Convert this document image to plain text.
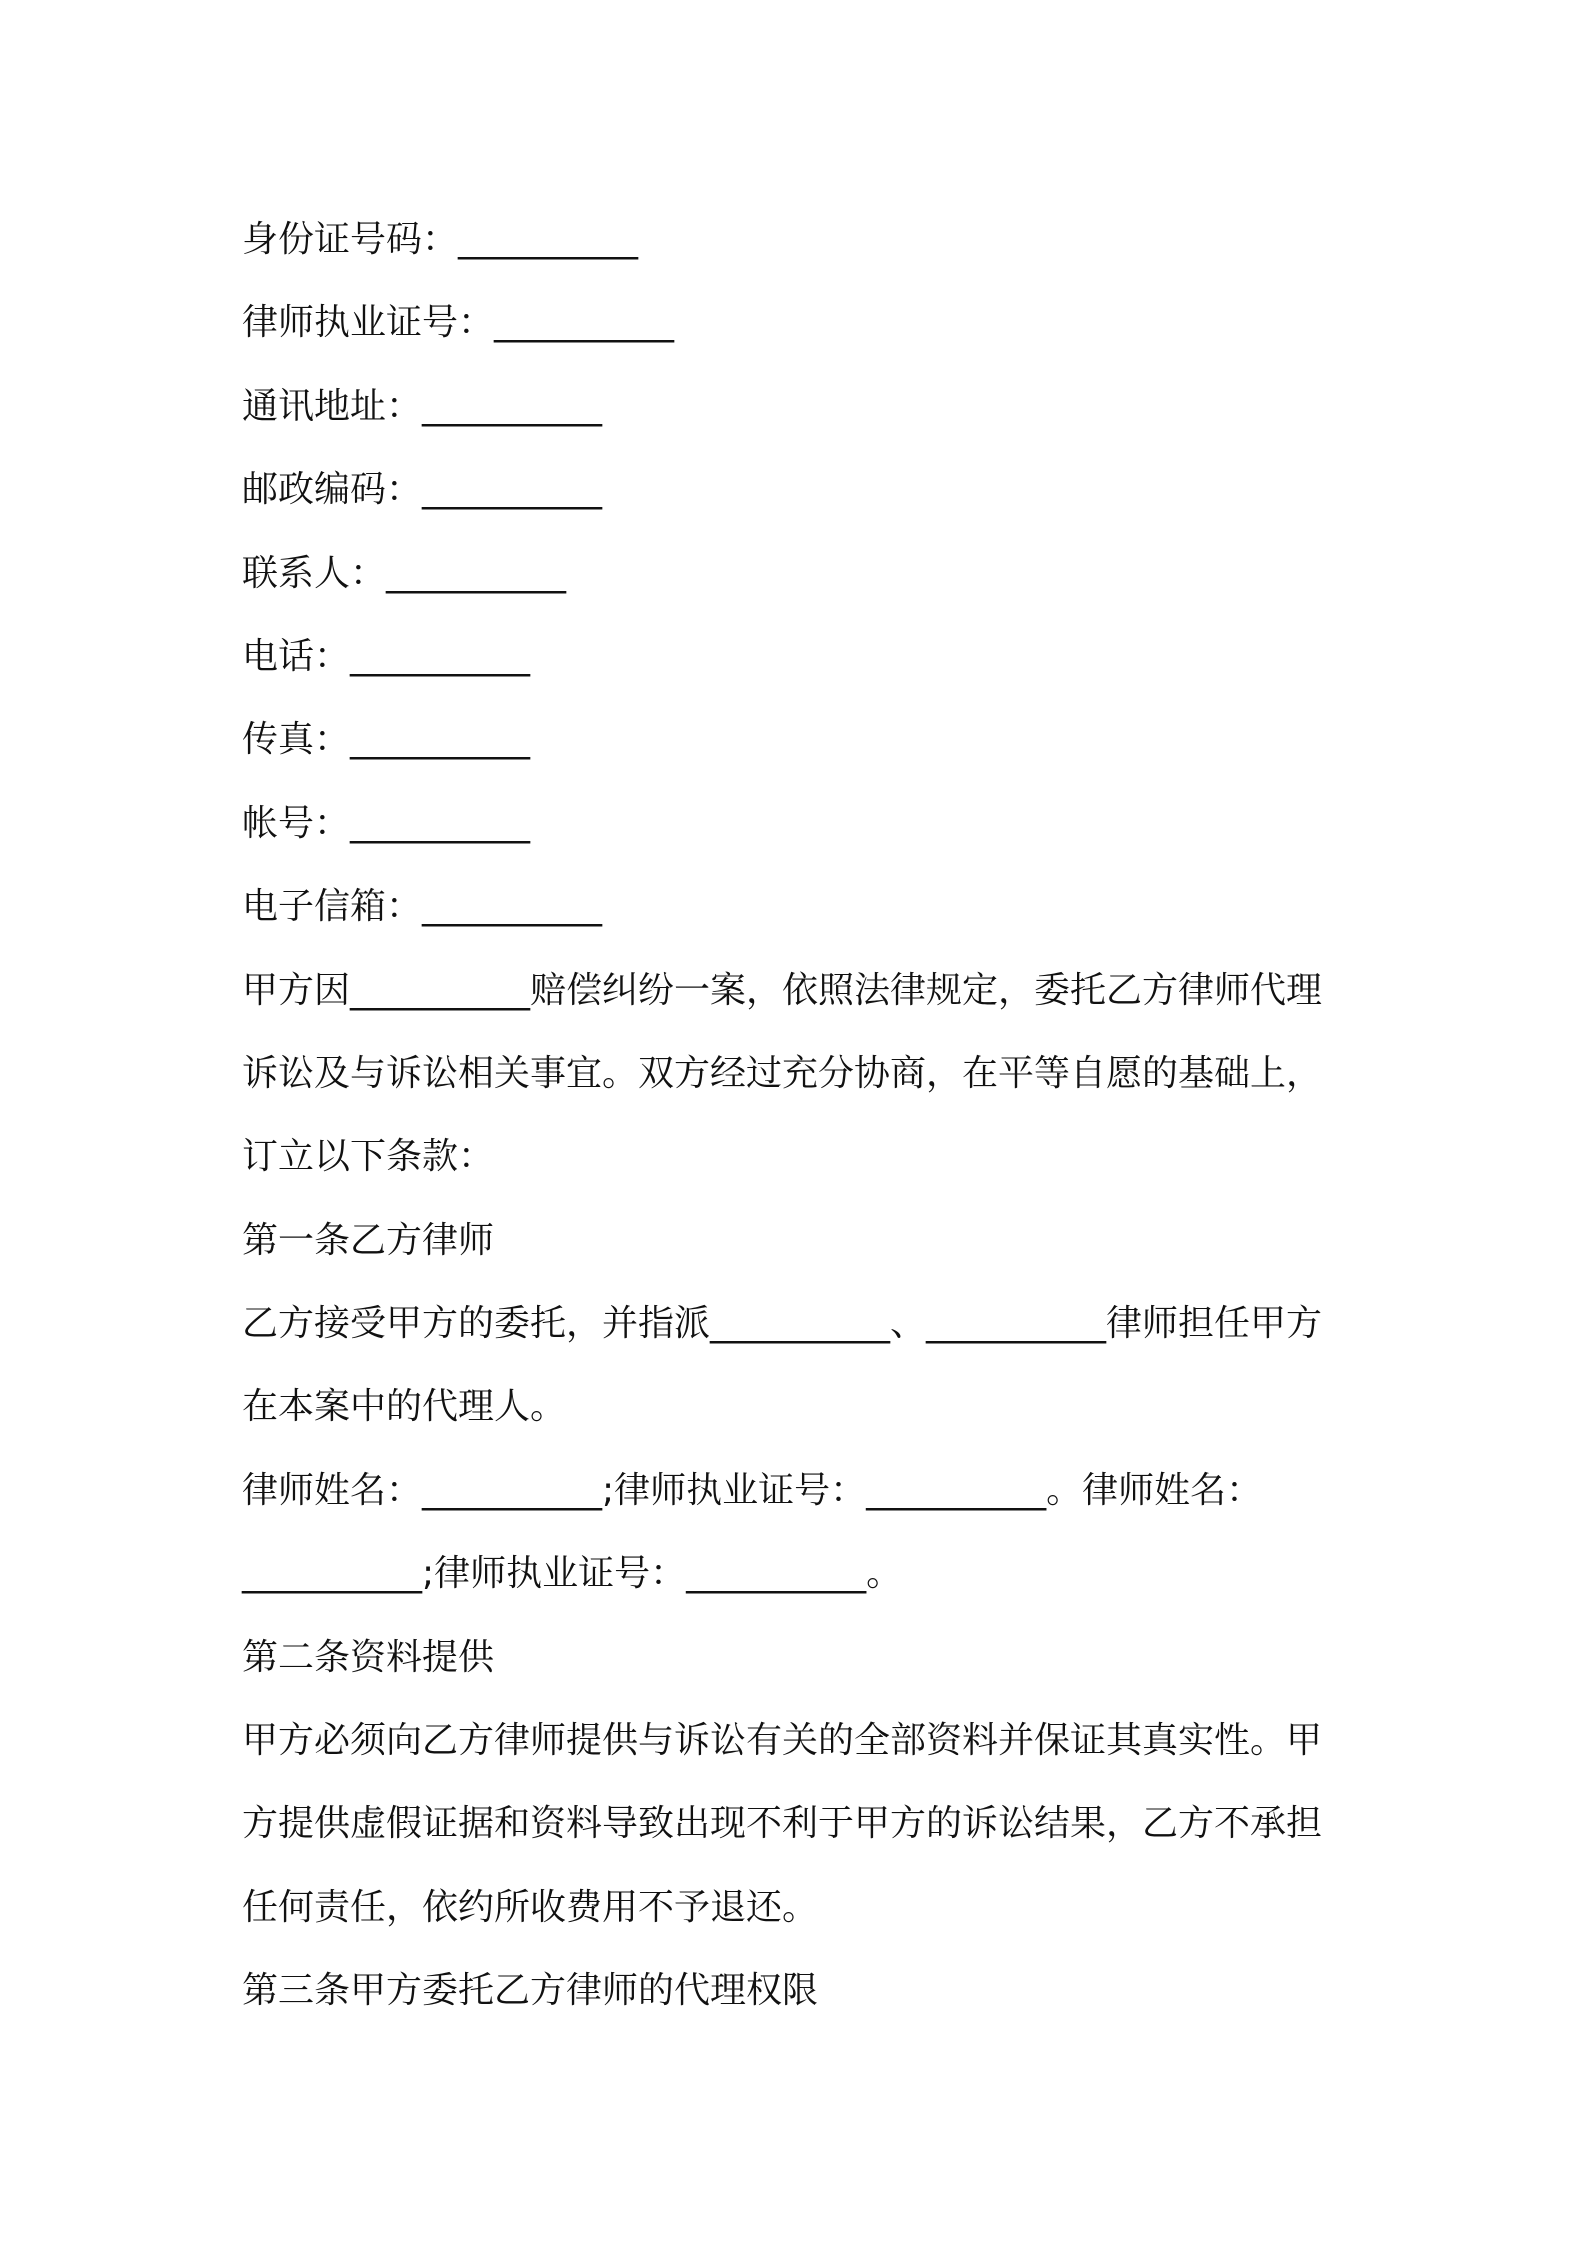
身份证号码：__________
律师执业证号：__________
通讯地址：__________
邮政编码：__________
联系人：__________
电话：__________
传真：__________
帐号：__________
电子信箱：__________
甲方因__________赔偿纠纷一案，依照法律规定，委托乙方律师代理
诉讼及与诉讼相关事宜。双方经过充分协商，在平等自愿的基础上，
订立以下条款：
第一条乙方律师
乙方接受甲方的委托，并指派__________、__________律师担任甲方
在本案中的代理人。
律师姓名：__________;律师执业证号：__________。律师姓名：
__________;律师执业证号：__________。
第二条资料提供
甲方必须向乙方律师提供与诉讼有关的全部资料并保证其真实性。甲
方提供虚假证据和资料导致出现不利于甲方的诉讼结果，乙方不承担
任何责任，依约所收费用不予退还。
第三条甲方委托乙方律师的代理权限
